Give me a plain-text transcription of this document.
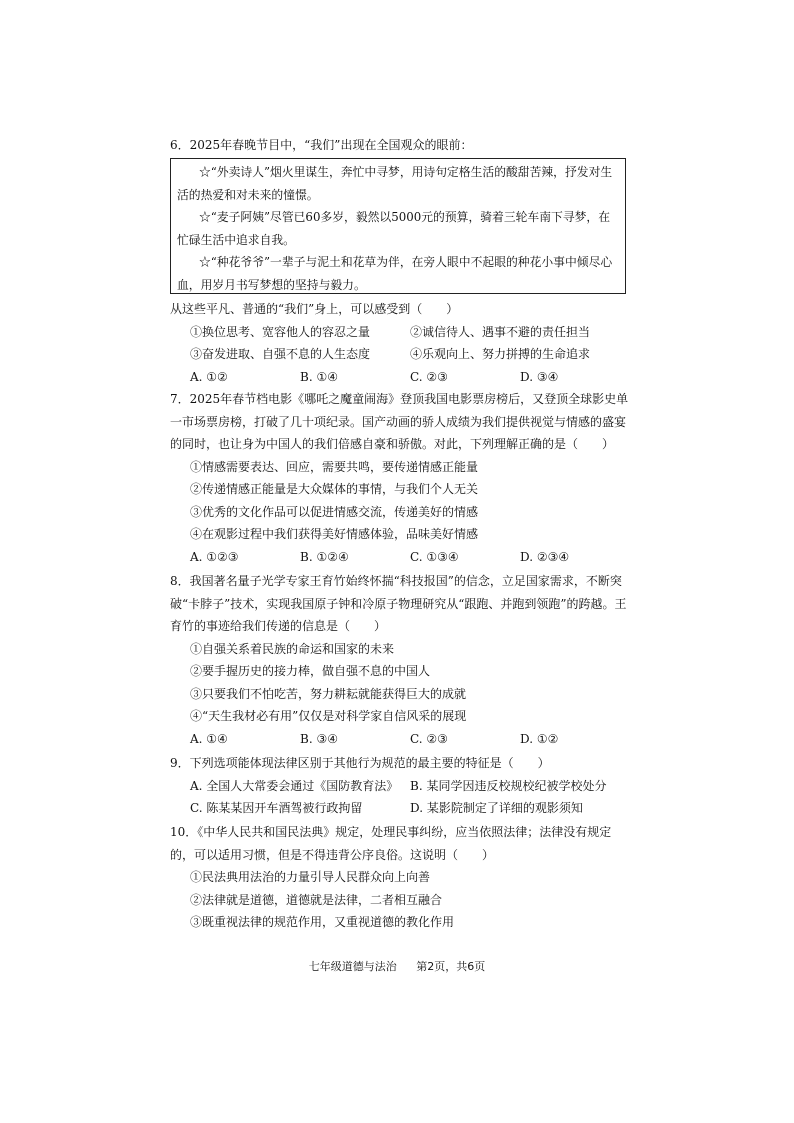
6．2025年春晚节目中，“我们”出现在全国观众的眼前：

☆“外卖诗人”烟火里谋生，奔忙中寻梦，用诗句定格生活的酸甜苦辣，抒发对生活的热爱和对未来的憧憬。

☆“麦子阿姨”尽管已60多岁，毅然以5000元的预算，骑着三轮车南下寻梦，在忙碌生活中追求自我。

☆“种花爷爷”一辈子与泥土和花草为伴，在旁人眼中不起眼的种花小事中倾尽心血，用岁月书写梦想的坚持与毅力。

从这些平凡、普通的“我们”身上，可以感受到（　　）
①换位思考、宽容他人的容忍之量	②诚信待人、遇事不避的责任担当
③奋发进取、自强不息的人生态度	④乐观向上、努力拼搏的生命追求
A. ①②	B. ①④	C. ②③	D. ③④
7．2025年春节档电影《哪吒之魔童闹海》登顶我国电影票房榜后，又登顶全球影史单一市场票房榜，打破了几十项纪录。国产动画的骄人成绩为我们提供视觉与情感的盛宴的同时，也让身为中国人的我们倍感自豪和骄傲。对此，下列理解正确的是（　　）
①情感需要表达、回应，需要共鸣，要传递情感正能量
②传递情感正能量是大众媒体的事情，与我们个人无关
③优秀的文化作品可以促进情感交流，传递美好的情感
④在观影过程中我们获得美好情感体验，品味美好情感
A. ①②③	B. ①②④	C. ①③④	D. ②③④
8．我国著名量子光学专家王育竹始终怀揣“科技报国”的信念，立足国家需求，不断突破“卡脖子”技术，实现我国原子钟和冷原子物理研究从“跟跑、并跑到领跑”的跨越。王育竹的事迹给我们传递的信息是（　　）
①自强关系着民族的命运和国家的未来
②要手握历史的接力棒，做自强不息的中国人
③只要我们不怕吃苦，努力耕耘就能获得巨大的成就
④“天生我材必有用”仅仅是对科学家自信风采的展现
A. ①④	B. ③④	C. ②③	D. ①②
9．下列选项能体现法律区别于其他行为规范的最主要的特征是（　　）
A. 全国人大常委会通过《国防教育法》 B. 某同学因违反校规校纪被学校处分
C. 陈某某因开车酒驾被行政拘留	D. 某影院制定了详细的观影须知
10．《中华人民共和国民法典》规定，处理民事纠纷，应当依照法律；法律没有规定的，可以适用习惯，但是不得违背公序良俗。这说明（　　）
①民法典用法治的力量引导人民群众向上向善
②法律就是道德，道德就是法律，二者相互融合
③既重视法律的规范作用，又重视道德的教化作用
七年级道德与法治 第2页，共6页
